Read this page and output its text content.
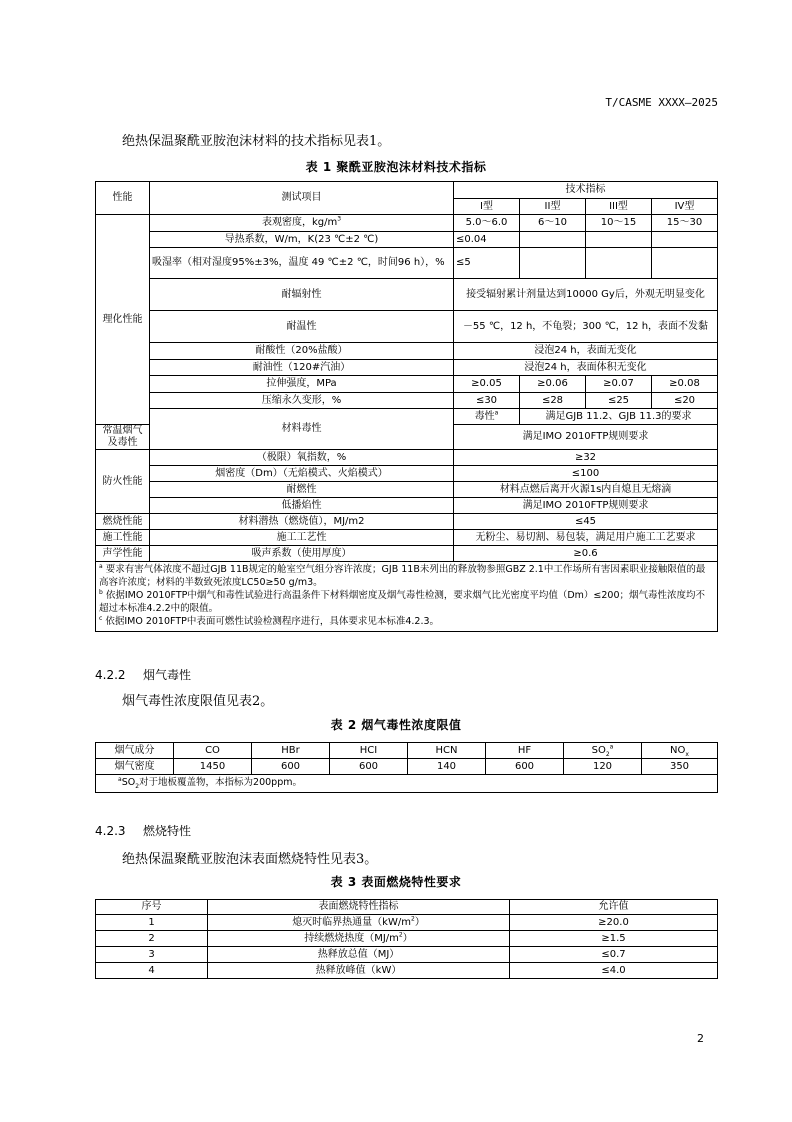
T/CASME XXXX—2025
绝热保温聚酰亚胺泡沫材料的技术指标见表1。
表 1 聚酰亚胺泡沫材料技术指标
性能	测试项目	技术指标			
		I型	II型	III型	IV型
理化性能	表观密度，$kg/m^3$	5.0～6.0	6～10	10～15	15～30
	导热系数，W/m，K(23 ℃±2 ℃)	≤0.04			
	吸湿率（相对湿度95%±3%，温度 49 ℃±2 ℃，时间96 h），%	≤5			
	耐辐射性	接受辐射累计剂量达到10000 Gy后，外观无明显变化			
	耐温性	－55 ℃，12 h，不龟裂；300 ℃，12 h，表面不发黏			
	耐酸性（20%盐酸）	浸泡24 h，表面无变化			
	耐油性（120#汽油）	浸泡24 h，表面体积无变化			
	拉伸强度，MPa	≥0.05	≥0.06	≥0.07	≥0.08
	压缩永久变形，%	≤30	≤28	≤25	≤20
	材料毒性	毒性$^a$	满足GJB 11.2、GJB 11.3的要求		
常温烟气及毒性		满足IMO 2010FTP规则要求			
防火性能	（极限）氧指数，%	≥32			
	烟密度（Dm）（无焰模式、火焰模式）	≤100			
	耐燃性	材料点燃后离开火源1s内自熄且无熔滴			
	低播焰性	满足IMO 2010FTP规则要求			
燃烧性能	材料潜热（燃烧值），MJ/m2	≤45			
施工性能	施工工艺性	无粉尘、易切割、易包装，满足用户施工工艺要求			
声学性能	吸声系数（使用厚度）	≥0.6			

$^a$ 要求有害气体浓度不超过GJB 11B规定的舱室空气组分容许浓度；GJB 11B未列出的释放物参照GBZ 2.1中工作场所有害因素职业接触限值的最高容许浓度；材料的半数致死浓度LC50≥50 g/m3。
$^b$ 依据IMO 2010FTP中烟气和毒性试验进行高温条件下材料烟密度及烟气毒性检测，要求烟气比光密度平均值（Dm）≤200；烟气毒性浓度均不超过本标准4.2.2中的限值。
$^c$ 依据IMO 2010FTP中表面可燃性试验检测程序进行，具体要求见本标准4.2.3。					
4.2.2 烟气毒性
烟气毒性浓度限值见表2。
表 2 烟气毒性浓度限值
烟气成分	CO	HBr	HCI	HCN	HF	$SO_2^a$	$NO_x$
烟气密度	1450	600	600	140	600	120	350
$^aSO_2$对于地板覆盖物，本指标为200ppm。							
4.2.3 燃烧特性
绝热保温聚酰亚胺泡沫表面燃烧特性见表3。
表 3 表面燃烧特性要求
序号	表面燃烧特性指标	允许值
1	熄灭时临界热通量$(kW/m^2)$	≥20.0
2	持续燃烧热度$(MJ/m^2)$	≥1.5
3	热释放总值（MJ）	≤0.7
4	热释放峰值（kW）	≤4.0
2
